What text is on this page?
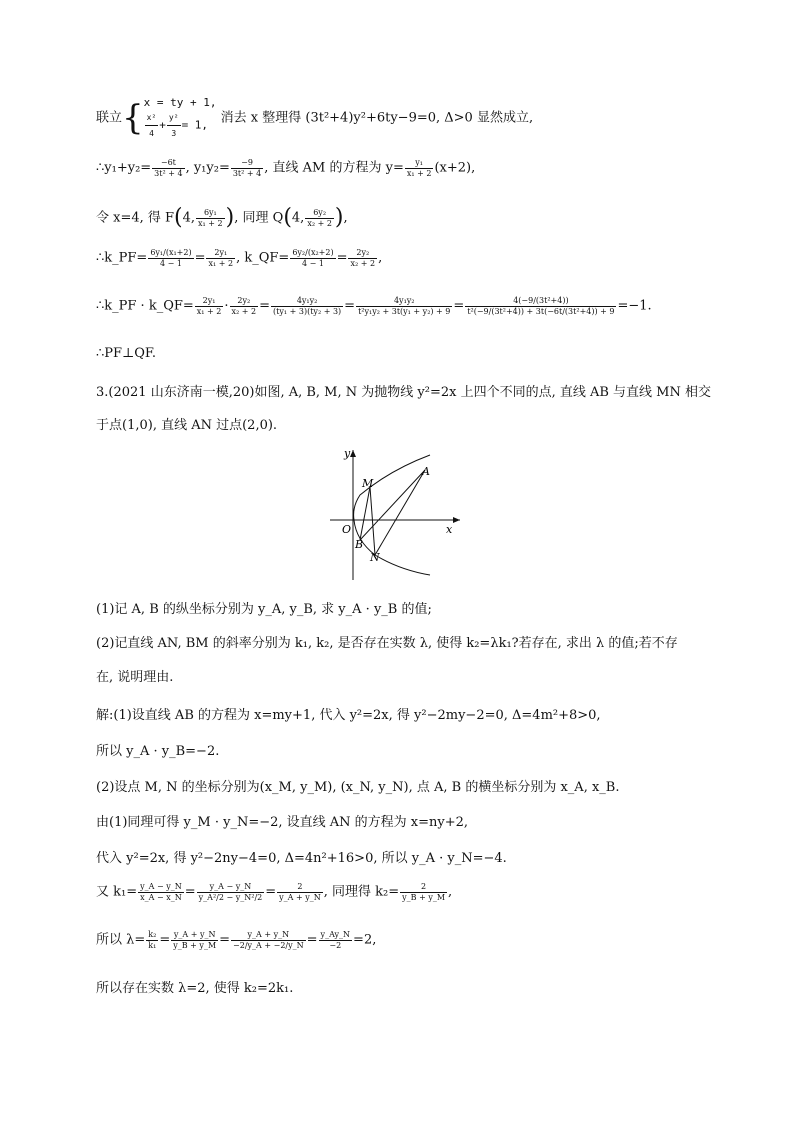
联立{x = ty + 1,

$\frac{\text{x²}}{4} + \frac{\text{y²}}{3} = 1$, 消去 x 整理得 (3t²+4)y²+6ty−9=0, Δ>0 显然成立,
∴y₁+y₂= $\frac{-6t}{\text{3t² + 4}}$ , $y_1y_2= \frac{-9}{\text{3t² + 4}}$ , 直线 AM 的方程为 $y= \frac{\text{y₁}}{\text{x₁ + 2}} (x+2)$,
令 x=4, 得 F(4, $\frac{\text{6y₁}}{\text{x₁ + 2}}$ ), 同理 Q(4, $\frac{\text{6y₂}}{\text{x₂ + 2}}$ ),
∴k_PF= $\frac{\text{6y₁/(x₁+2)}}{4 - 1} = \frac{\text{2y₁}}{\text{x₁ + 2}}$ , k_QF= $\frac{\text{6y₂/(x₂+2)}}{4 - 1} = \frac{\text{2y₂}}{\text{x₂ + 2}}$ ,
∴k_PF · k_QF= $\frac{\text{2y₁}}{\text{x₁ + 2}} \cdot \frac{\text{2y₂}}{\text{x₂ + 2}} = \frac{\text{4y₁y₂}}{\text{(ty₁ + 3)(ty₂ + 3)}} = \frac{\text{4y₁y₂}}{\text{t²y₁y₂ + 3t(y₁ + y₂) + 9}} = \frac{\text{4(−9/(3t²+4))}}{\text{t²(−9/(3t²+4)) + 3t(−6t/(3t²+4)) + 9}} =-1$.
∴PF⊥QF.
3.(2021 山东济南一模,20)如图, A, B, M, N 为抛物线 y²=2x 上四个不同的点, 直线 AB 与直线 MN 相交
于点(1,0), 直线 AN 过点(2,0).
y
x
O
M
A
B
N
(1)记 A, B 的纵坐标分别为 y_A, y_B, 求 y_A · y_B 的值;
(2)记直线 AN, BM 的斜率分别为 k₁, k₂, 是否存在实数 λ, 使得 k₂=λk₁?若存在, 求出 λ 的值;若不存
在, 说明理由.
解:(1)设直线 AB 的方程为 x=my+1, 代入 y²=2x, 得 y²−2my−2=0, Δ=4m²+8>0,
所以 y_A · y_B=−2.
(2)设点 M, N 的坐标分别为(x_M, y_M), (x_N, y_N), 点 A, B 的横坐标分别为 x_A, x_B.
由(1)同理可得 y_M · y_N=−2, 设直线 AN 的方程为 x=ny+2,
代入 y²=2x, 得 y²−2ny−4=0, Δ=4n²+16>0, 所以 y_A · y_N=−4.
又 $k_1= \frac{y\_A - y\_N}{x\_A - x\_N} = \frac{y\_A - y\_N}{\text{y\_A²/2 − y\_N²/2}} = \frac{2}{y\_A + y\_N}$ , 同理得 $k_2= \frac{2}{y\_B + y\_M}$ ,
所以 $\lambda= \frac{\text{k₂}}{\text{k₁}} = \frac{y\_A + y\_N}{y\_B + y\_M} = \frac{y\_A + y\_N}{-2/y\_A + -2/y\_N} = \frac{y\_Ay\_N}{-2} =2$,
所以存在实数 λ=2, 使得 k₂=2k₁.
